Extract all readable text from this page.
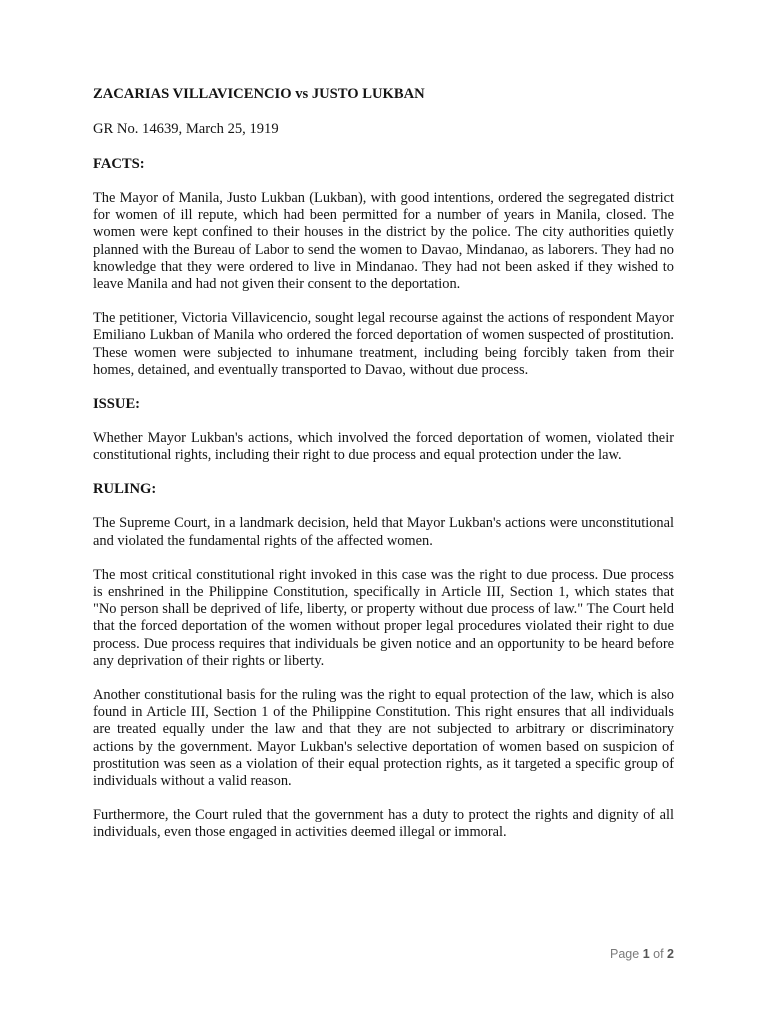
ZACARIAS VILLAVICENCIO vs JUSTO LUKBAN

GR No. 14639, March 25, 1919

FACTS:

The Mayor of Manila, Justo Lukban (Lukban), with good intentions, ordered the segregated district for women of ill repute, which had been permitted for a number of years in Manila, closed. The women were kept confined to their houses in the district by the police. The city authorities quietly planned with the Bureau of Labor to send the women to Davao, Mindanao, as laborers. They had no knowledge that they were ordered to live in Mindanao. They had not been asked if they wished to leave Manila and had not given their consent to the deportation.

The petitioner, Victoria Villavicencio, sought legal recourse against the actions of respondent Mayor Emiliano Lukban of Manila who ordered the forced deportation of women suspected of prostitution. These women were subjected to inhumane treatment, including being forcibly taken from their homes, detained, and eventually transported to Davao, without due process.

ISSUE:

Whether Mayor Lukban's actions, which involved the forced deportation of women, violated their constitutional rights, including their right to due process and equal protection under the law.

RULING:

The Supreme Court, in a landmark decision, held that Mayor Lukban's actions were unconstitutional and violated the fundamental rights of the affected women.

The most critical constitutional right invoked in this case was the right to due process. Due process is enshrined in the Philippine Constitution, specifically in Article III, Section 1, which states that "No person shall be deprived of life, liberty, or property without due process of law." The Court held that the forced deportation of the women without proper legal procedures violated their right to due process. Due process requires that individuals be given notice and an opportunity to be heard before any deprivation of their rights or liberty.

Another constitutional basis for the ruling was the right to equal protection of the law, which is also found in Article III, Section 1 of the Philippine Constitution. This right ensures that all individuals are treated equally under the law and that they are not subjected to arbitrary or discriminatory actions by the government. Mayor Lukban's selective deportation of women based on suspicion of prostitution was seen as a violation of their equal protection rights, as it targeted a specific group of individuals without a valid reason.

Furthermore, the Court ruled that the government has a duty to protect the rights and dignity of all individuals, even those engaged in activities deemed illegal or immoral.

Page 1 of 2
